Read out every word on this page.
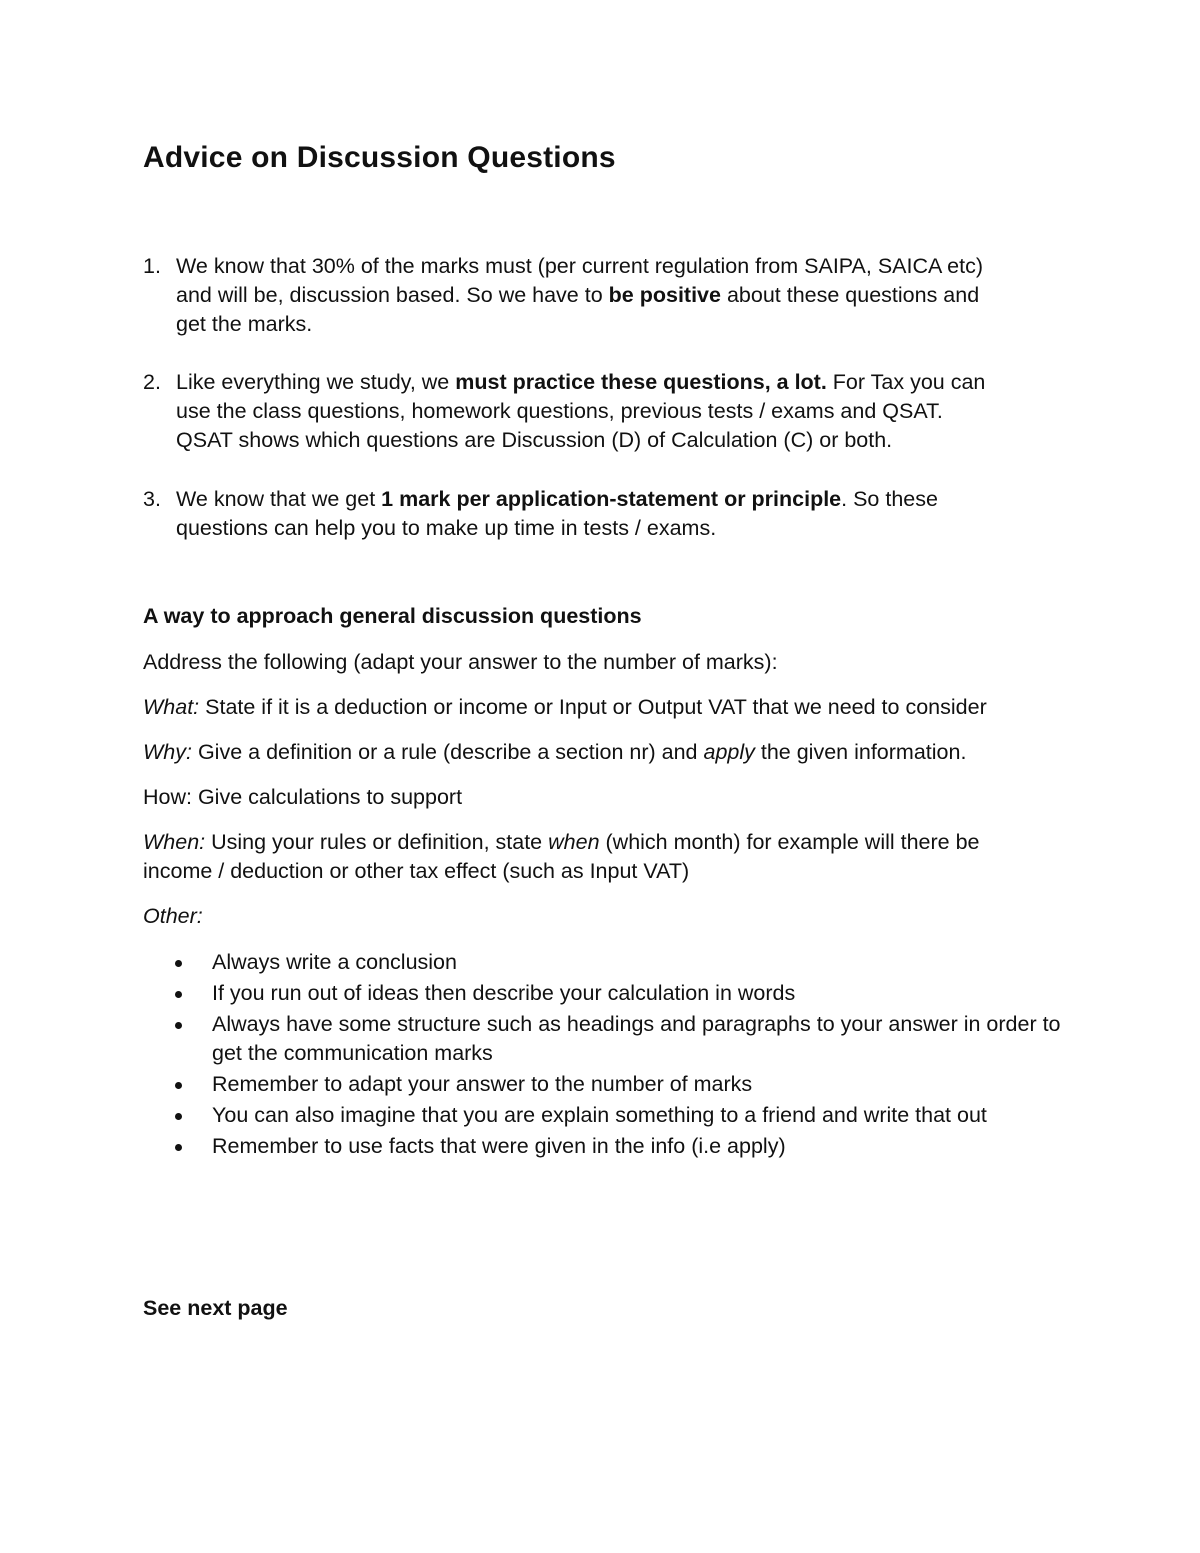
Advice on Discussion Questions
1. We know that 30% of the marks must (per current regulation from SAIPA, SAICA etc)
and will be, discussion based. So we have to be positive about these questions and
get the marks.
2. Like everything we study, we must practice these questions, a lot. For Tax you can
use the class questions, homework questions, previous tests / exams and QSAT.
QSAT shows which questions are Discussion (D) of Calculation (C) or both.
3. We know that we get 1 mark per application-statement or principle. So these
questions can help you to make up time in tests / exams.
A way to approach general discussion questions

Address the following (adapt your answer to the number of marks):

What: State if it is a deduction or income or Input or Output VAT that we need to consider

Why: Give a definition or a rule (describe a section nr) and apply the given information.

How: Give calculations to support

When: Using your rules or definition, state when (which month) for example will there be
income / deduction or other tax effect (such as Input VAT)

Other:

Always write a conclusion
If you run out of ideas then describe your calculation in words
Always have some structure such as headings and paragraphs to your answer in order to get the communication marks
Remember to adapt your answer to the number of marks
You can also imagine that you are explain something to a friend and write that out
Remember to use facts that were given in the info (i.e apply)

See next page
